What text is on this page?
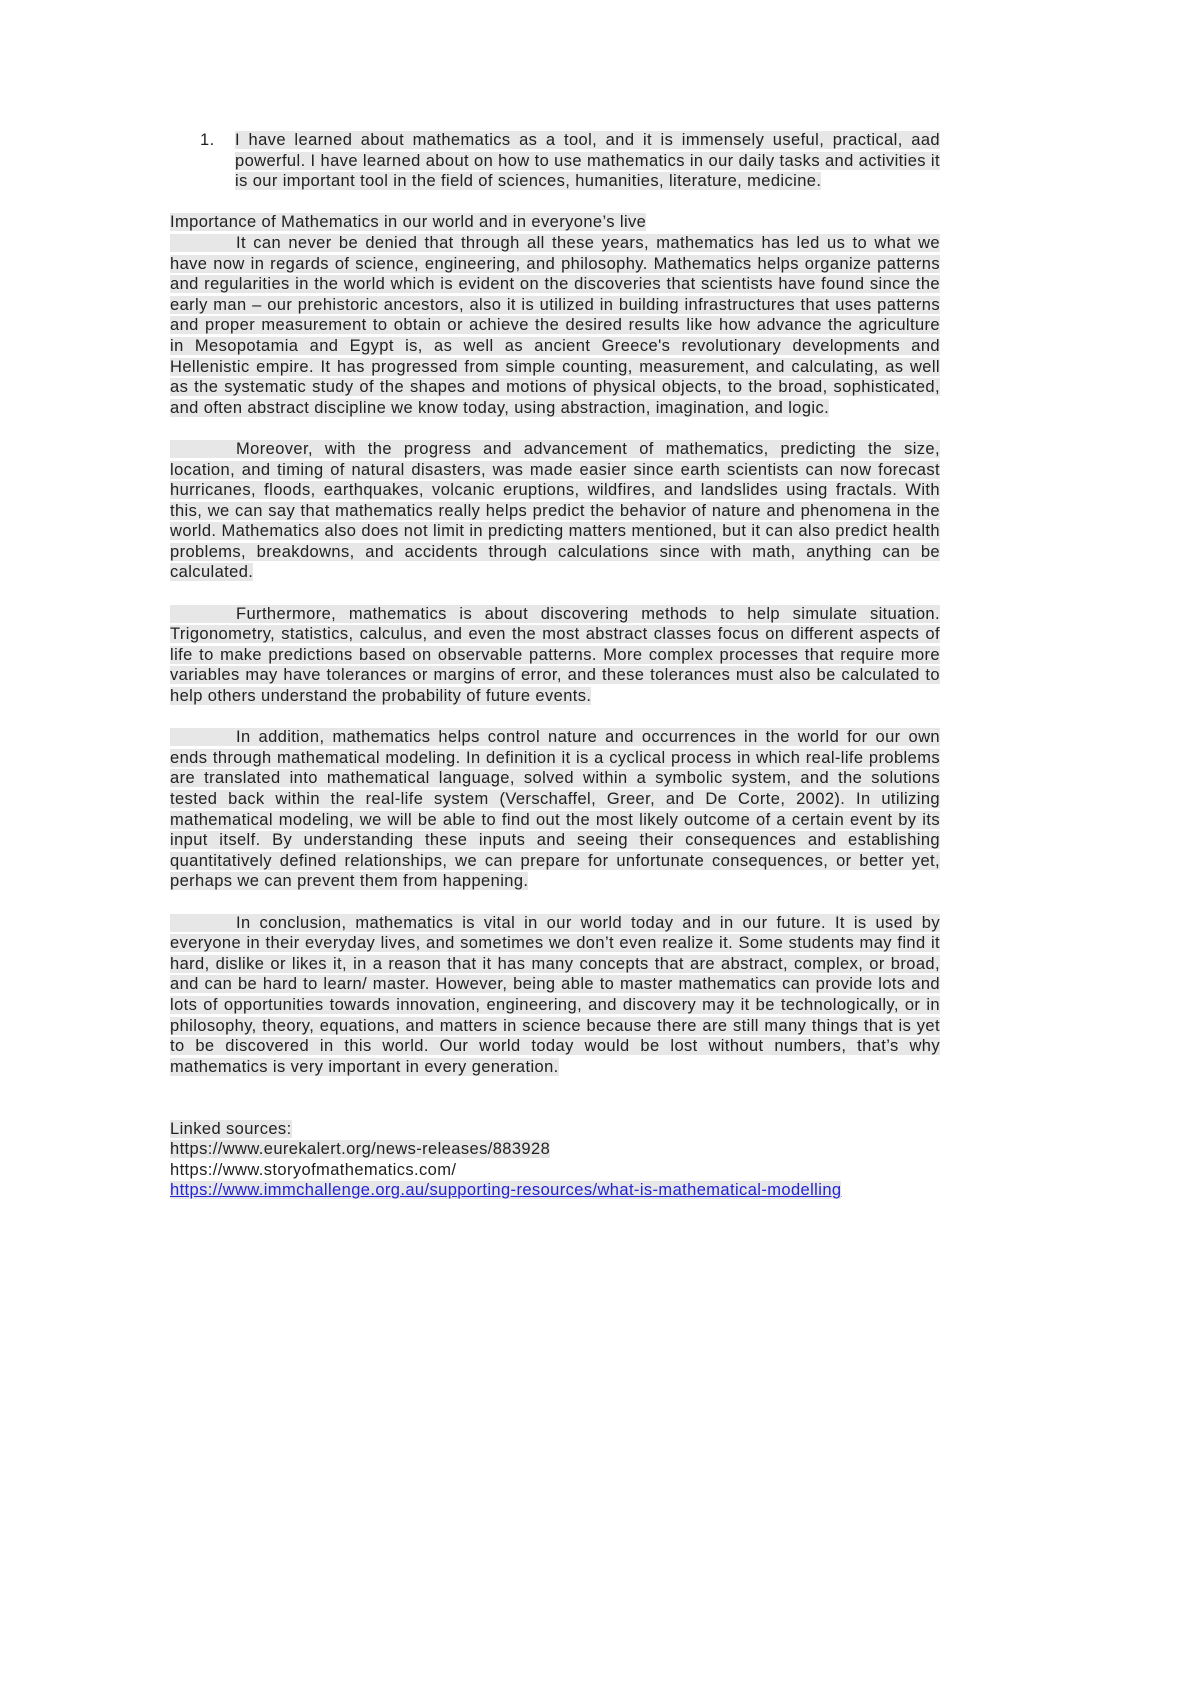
1.	I have learned about mathematics as a tool, and it is immensely useful, practical, aad powerful. I have learned about on how to use mathematics in our daily tasks and activities it is our important tool in the field of sciences, humanities, literature, medicine.

Importance of Mathematics in our world and in everyone’s live

It can never be denied that through all these years, mathematics has led us to what we have now in regards of science, engineering, and philosophy. Mathematics helps organize patterns and regularities in the world which is evident on the discoveries that scientists have found since the early man – our prehistoric ancestors, also it is utilized in building infrastructures that uses patterns and proper measurement to obtain or achieve the desired results like how advance the agriculture in Mesopotamia and Egypt is, as well as ancient Greece's revolutionary developments and Hellenistic empire. It has progressed from simple counting, measurement, and calculating, as well as the systematic study of the shapes and motions of physical objects, to the broad, sophisticated, and often abstract discipline we know today, using abstraction, imagination, and logic.

Moreover, with the progress and advancement of mathematics, predicting the size, location, and timing of natural disasters, was made easier since earth scientists can now forecast hurricanes, floods, earthquakes, volcanic eruptions, wildfires, and landslides using fractals. With this, we can say that mathematics really helps predict the behavior of nature and phenomena in the world. Mathematics also does not limit in predicting matters mentioned, but it can also predict health problems, breakdowns, and accidents through calculations since with math, anything can be calculated.

Furthermore, mathematics is about discovering methods to help simulate situation. Trigonometry, statistics, calculus, and even the most abstract classes focus on different aspects of life to make predictions based on observable patterns. More complex processes that require more variables may have tolerances or margins of error, and these tolerances must also be calculated to help others understand the probability of future events.

In addition, mathematics helps control nature and occurrences in the world for our own ends through mathematical modeling. In definition it is a cyclical process in which real-life problems are translated into mathematical language, solved within a symbolic system, and the solutions tested back within the real-life system (Verschaffel, Greer, and De Corte, 2002). In utilizing mathematical modeling, we will be able to find out the most likely outcome of a certain event by its input itself. By understanding these inputs and seeing their consequences and establishing quantitatively defined relationships, we can prepare for unfortunate consequences, or better yet, perhaps we can prevent them from happening.

In conclusion, mathematics is vital in our world today and in our future. It is used by everyone in their everyday lives, and sometimes we don’t even realize it. Some students may find it hard, dislike or likes it, in a reason that it has many concepts that are abstract, complex, or broad, and can be hard to learn/ master. However, being able to master mathematics can provide lots and lots of opportunities towards innovation, engineering, and discovery may it be technologically, or in philosophy, theory, equations, and matters in science because there are still many things that is yet to be discovered in this world. Our world today would be lost without numbers, that’s why mathematics is very important in every generation.

Linked sources:

https://www.eurekalert.org/news-releases/883928

https://www.storyofmathematics.com/

https://www.immchallenge.org.au/supporting-resources/what-is-mathematical-modelling
